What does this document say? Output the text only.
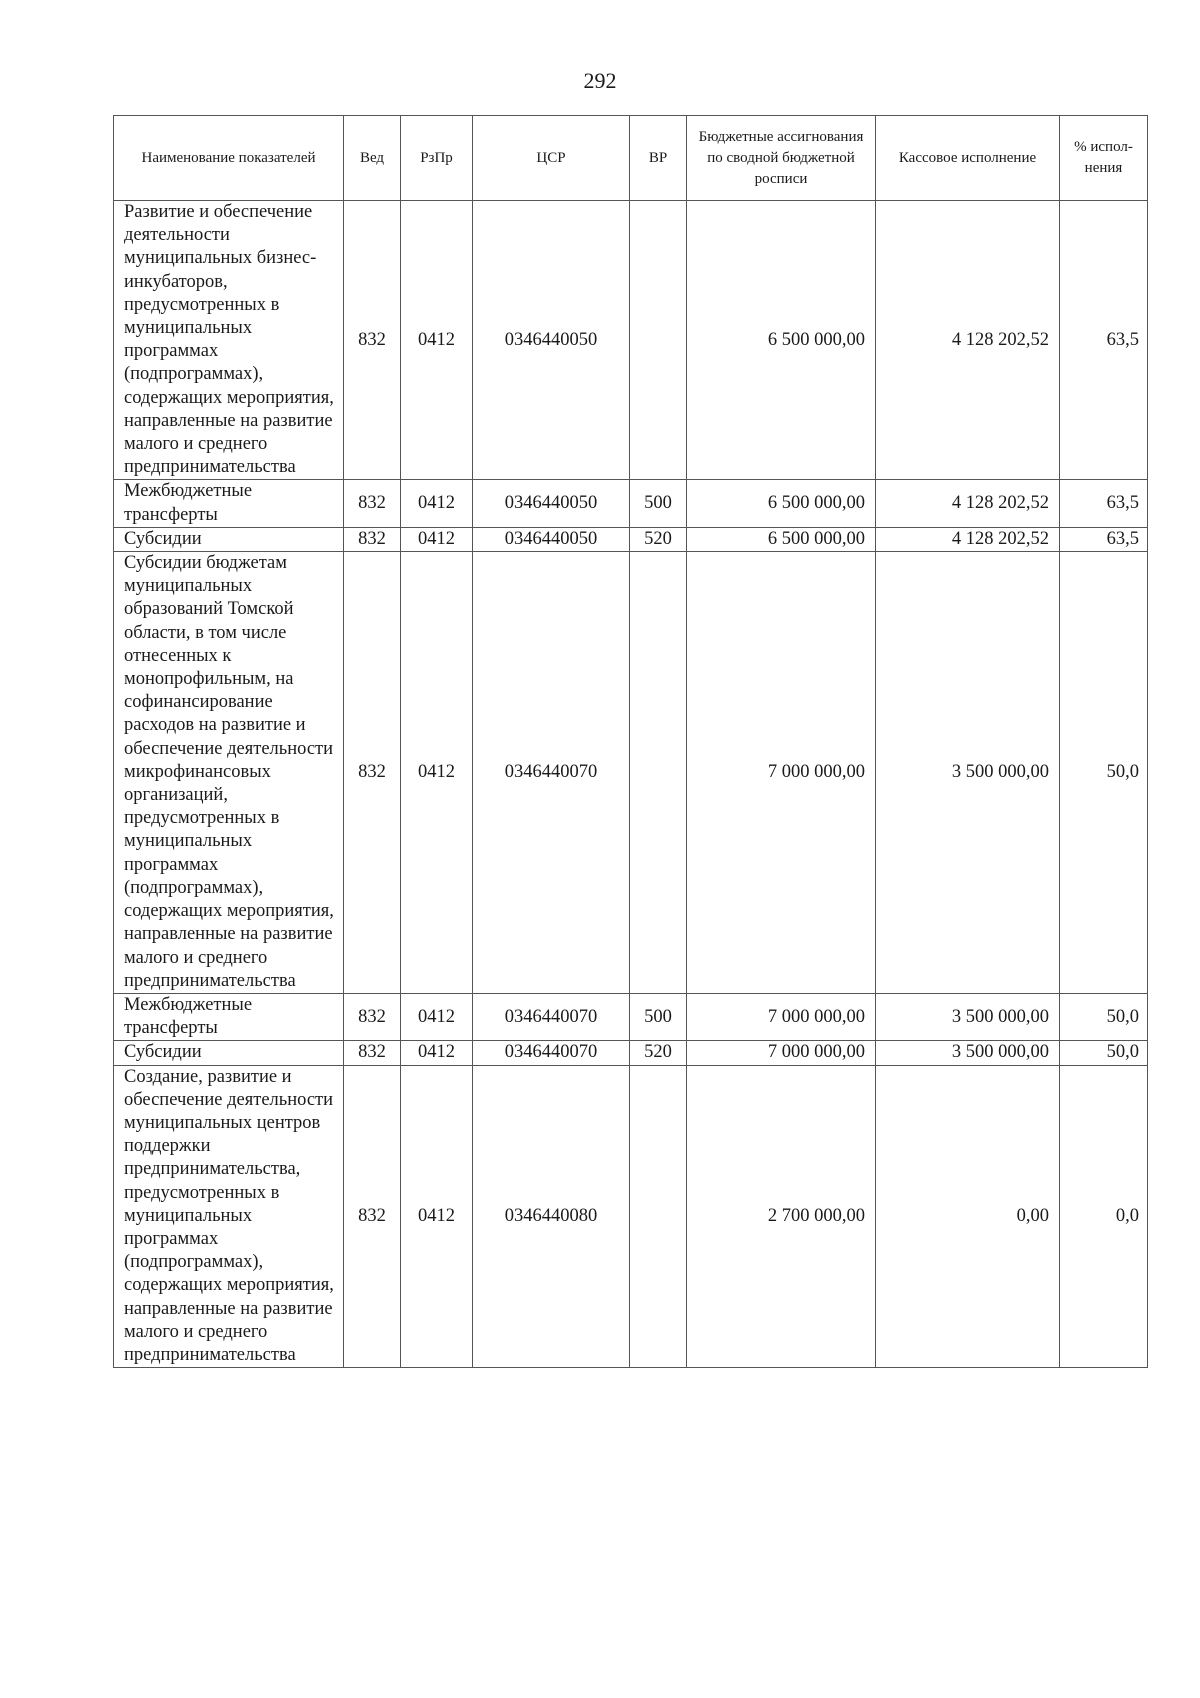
292
Наименование показателей	Вед	РзПр	ЦСР	ВР	Бюджетные ассигнования по сводной бюджетной росписи	Кассовое исполнение	% испол-нения
Развитие и обеспечение деятельности муниципальных бизнес-инкубаторов, предусмотренных в муниципальных программах (подпрограммах), содержащих мероприятия, направленные на развитие малого и среднего предпринимательства	832	0412	0346440050		6 500 000,00	4 128 202,52	63,5
Межбюджетные трансферты	832	0412	0346440050	500	6 500 000,00	4 128 202,52	63,5
Субсидии	832	0412	0346440050	520	6 500 000,00	4 128 202,52	63,5
Субсидии бюджетам муниципальных образований Томской области, в том числе отнесенных к монопрофильным, на софинансирование расходов на развитие и обеспечение деятельности микрофинансовых организаций, предусмотренных в муниципальных программах (подпрограммах), содержащих мероприятия, направленные на развитие малого и среднего предпринимательства	832	0412	0346440070		7 000 000,00	3 500 000,00	50,0
Межбюджетные трансферты	832	0412	0346440070	500	7 000 000,00	3 500 000,00	50,0
Субсидии	832	0412	0346440070	520	7 000 000,00	3 500 000,00	50,0
Создание, развитие и обеспечение деятельности муниципальных центров поддержки предпринимательства, предусмотренных в муниципальных программах (подпрограммах), содержащих мероприятия, направленные на развитие малого и среднего предпринимательства	832	0412	0346440080		2 700 000,00	0,00	0,0
